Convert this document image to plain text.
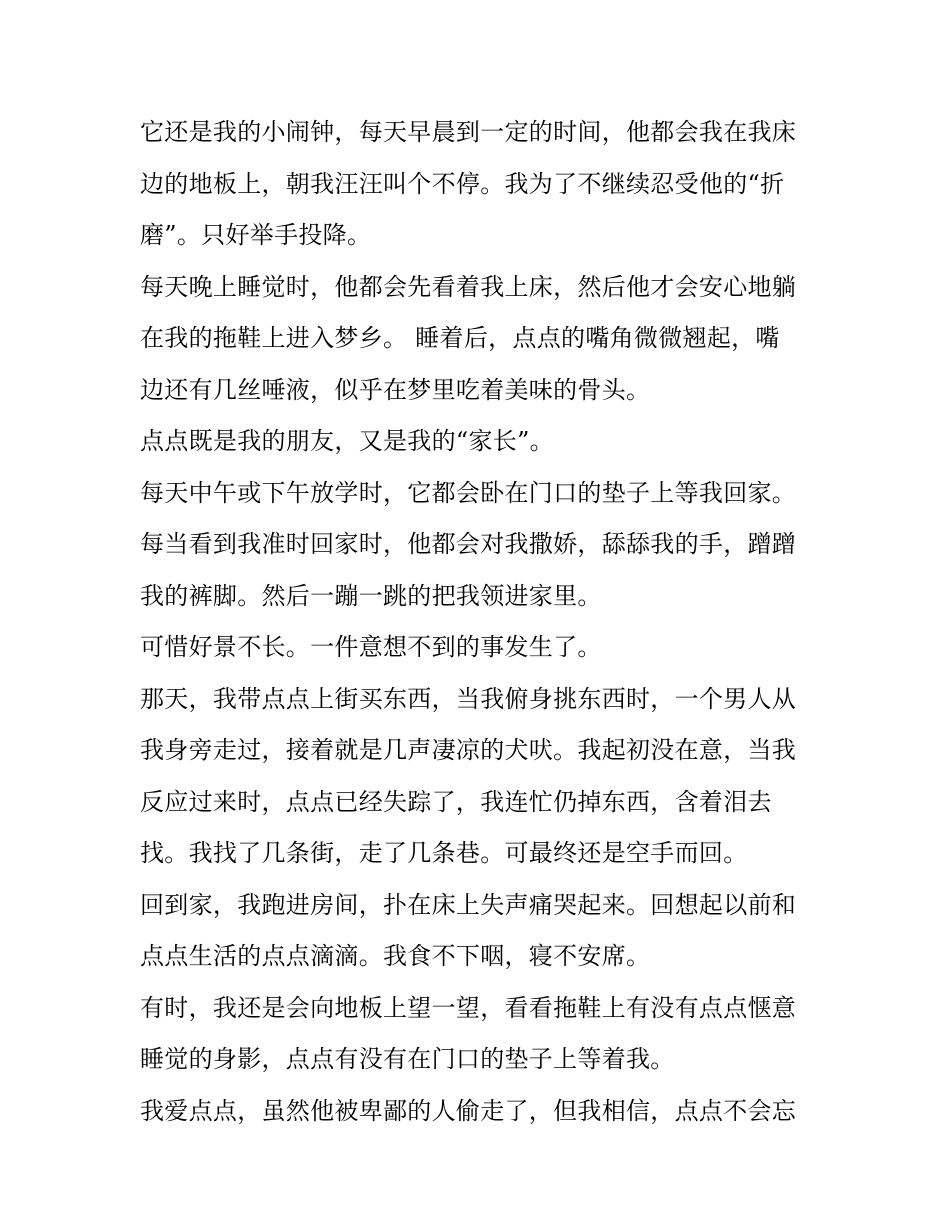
它还是我的小闹钟，每天早晨到一定的时间，他都会我在我床
边的地板上，朝我汪汪叫个不停。我为了不继续忍受他的“折
磨”。只好举手投降。
每天晚上睡觉时，他都会先看着我上床，然后他才会安心地躺
在我的拖鞋上进入梦乡。 睡着后，点点的嘴角微微翘起，嘴
边还有几丝唾液，似乎在梦里吃着美味的骨头。
点点既是我的朋友，又是我的“家长”。
每天中午或下午放学时，它都会卧在门口的垫子上等我回家。
每当看到我准时回家时，他都会对我撒娇，舔舔我的手，蹭蹭
我的裤脚。然后一蹦一跳的把我领进家里。
可惜好景不长。一件意想不到的事发生了。
那天，我带点点上街买东西，当我俯身挑东西时，一个男人从
我身旁走过，接着就是几声凄凉的犬吠。我起初没在意，当我
反应过来时，点点已经失踪了，我连忙仍掉东西，含着泪去
找。我找了几条街，走了几条巷。可最终还是空手而回。
回到家，我跑进房间，扑在床上失声痛哭起来。回想起以前和
点点生活的点点滴滴。我食不下咽，寝不安席。
有时，我还是会向地板上望一望，看看拖鞋上有没有点点惬意
睡觉的身影，点点有没有在门口的垫子上等着我。
我爱点点，虽然他被卑鄙的人偷走了，但我相信，点点不会忘
